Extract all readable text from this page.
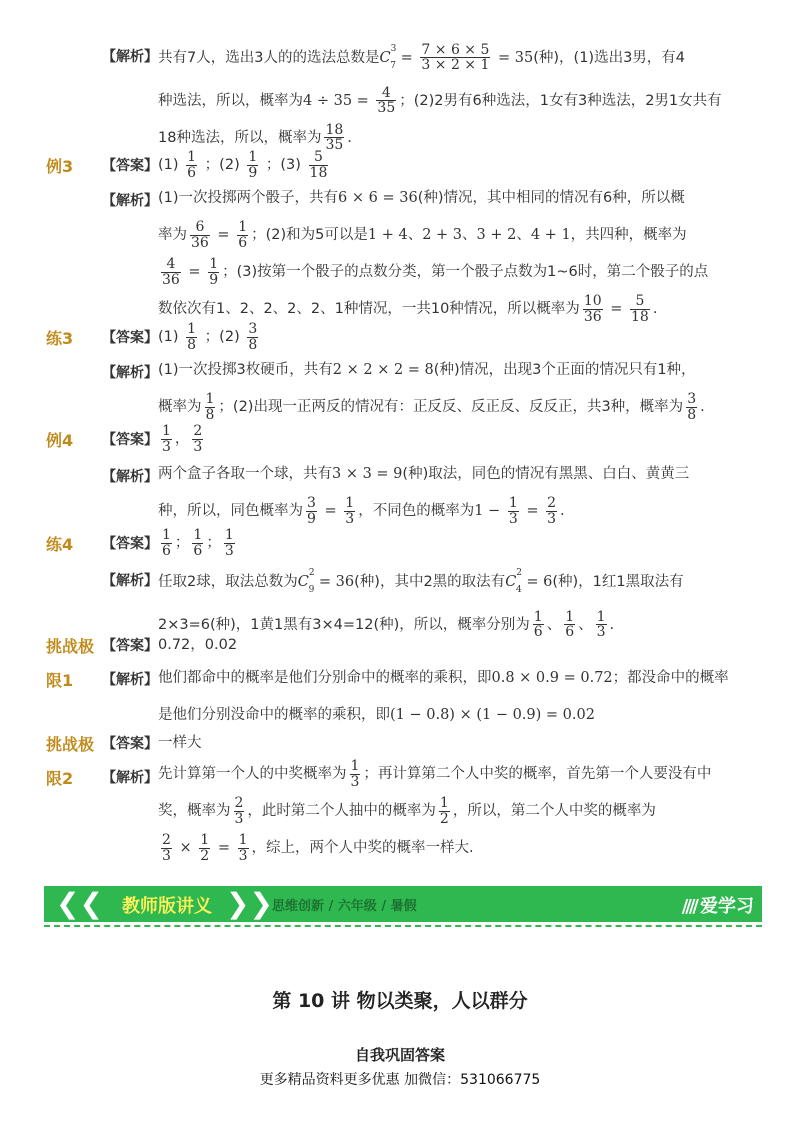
【解析】 共有7人，选出3人的的选法总数是$C^3_7 = \frac{7 \times 6 \times 5}{3 \times 2 \times 1} = 35$(种)，(1)选出3男，有4
种选法，所以，概率为$4 \div 35 = \frac{4}{35}$ ；(2)2男有6种选法，1女有3种选法，2男1女共有
18种选法，所以，概率为 $\frac{18}{35}$ .
例3 【答案】 $(1) \frac{1}{6}$ ；$(2) \frac{1}{9}$ ；$(3) \frac{5}{18}$
【解析】 (1)一次投掷两个骰子，共有6 × 6 = 36(种)情况，其中相同的情况有6种，所以概
率为 $\frac{6}{36} = \frac{1}{6}$ ；(2)和为5可以是1 + 4、2 + 3、3 + 2、4 + 1，共四种，概率为

$\frac{4}{36} = \frac{1}{9}$ ；(3)按第一个骰子的点数分类，第一个骰子点数为1~6时，第二个骰子的点
数依次有1、2、2、2、2、1种情况，一共10种情况，所以概率为 $\frac{10}{36} = \frac{5}{18}$ .
练3 【答案】 $(1) \frac{1}{8}$ ；$(2) \frac{3}{8}$
【解析】 (1)一次投掷3枚硬币，共有2 × 2 × 2 = 8(种)情况，出现3个正面的情况只有1种，
概率为 $\frac{1}{8}$ ；(2)出现一正两反的情况有：正反反、反正反、反反正，共3种，概率为 $\frac{3}{8}$ .
例4 【答案】 $\frac{1}{3}$ ， $\frac{2}{3}$
【解析】 两个盒子各取一个球，共有3 × 3 = 9(种)取法，同色的情况有黑黑、白白、黄黄三
种，所以，同色概率为 $\frac{3}{9} = \frac{1}{3}$ ，不同色的概率为$1 - \frac{1}{3} = \frac{2}{3}$ .
练4 【答案】 $\frac{1}{6}$ ； $\frac{1}{6}$ ； $\frac{1}{3}$
【解析】 任取2球，取法总数为$C^2_9 = 36$(种)，其中2黑的取法有$C^2_4 = 6$(种)，1红1黑取法有
2×3=6(种)，1黄1黑有3×4=12(种)，所以，概率分别为 $\frac{1}{6}$ 、 $\frac{1}{6}$ 、 $\frac{1}{3}$ .
挑战极 【答案】 0.72，0.02
限1 【解析】 他们都命中的概率是他们分别命中的概率的乘积，即0.8 × 0.9 = 0.72；都没命中的概率
是他们分别没命中的概率的乘积，即(1 − 0.8) × (1 − 0.9) = 0.02
挑战极 【答案】 一样大
限2 【解析】 先计算第一个人的中奖概率为 $\frac{1}{3}$ ；再计算第二个人中奖的概率，首先第一个人要没有中
奖，概率为 $\frac{2}{3}$ ，此时第二个人抽中的概率为 $\frac{1}{2}$ ，所以，第二个人中奖的概率为

$\frac{2}{3} \times \frac{1}{2} = \frac{1}{3}$ ，综上，两个人中奖的概率一样大.
❮❮ 教师版讲义 ❯❯ 思维创新 / 六年级 / 暑假	//// 爱学习
第 10 讲 物以类聚，人以群分
自我巩固答案
更多精品资料更多优惠 加微信：531066775
